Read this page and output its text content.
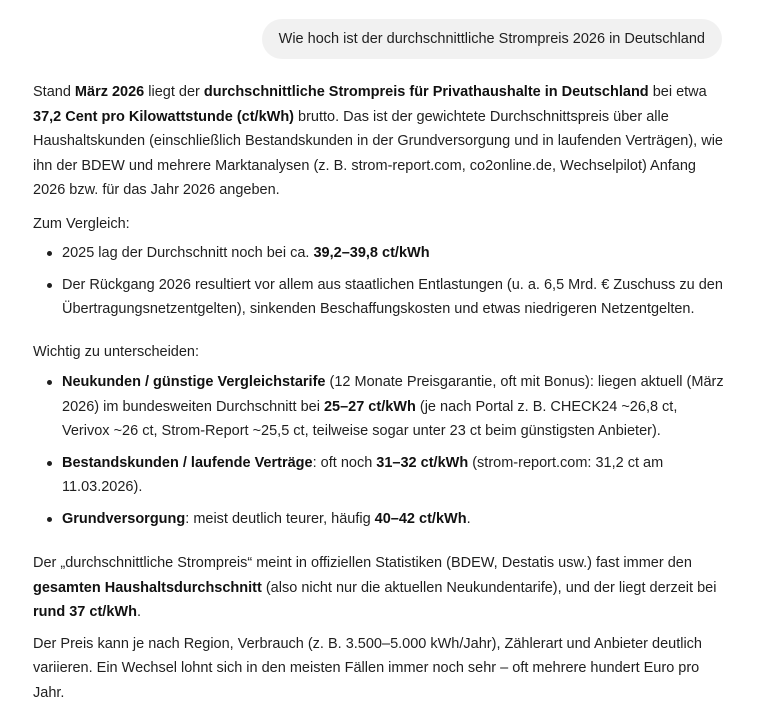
Wie hoch ist der durchschnittliche Strompreis 2026 in Deutschland

Stand März 2026 liegt der durchschnittliche Strompreis für Privathaushalte in Deutschland bei etwa 37,2 Cent pro Kilowattstunde (ct/kWh) brutto. Das ist der gewichtete Durchschnittspreis über alle Haushaltskunden (einschließlich Bestandskunden in der Grundversorgung und in laufenden Verträgen), wie ihn der BDEW und mehrere Marktanalysen (z. B. strom-report.com, co2online.de, Wechselpilot) Anfang 2026 bzw. für das Jahr 2026 angeben.

Zum Vergleich:

2025 lag der Durchschnitt noch bei ca. 39,2–39,8 ct/kWh
Der Rückgang 2026 resultiert vor allem aus staatlichen Entlastungen (u. a. 6,5 Mrd. € Zuschuss zu den Übertragungsnetzentgelten), sinkenden Beschaffungskosten und etwas niedrigeren Netzentgelten.

Wichtig zu unterscheiden:

Neukunden / günstige Vergleichstarife (12 Monate Preisgarantie, oft mit Bonus): liegen aktuell (März 2026) im bundesweiten Durchschnitt bei 25–27 ct/kWh (je nach Portal z. B. CHECK24 ~26,8 ct, Verivox ~26 ct, Strom-Report ~25,5 ct, teilweise sogar unter 23 ct beim günstigsten Anbieter).
Bestandskunden / laufende Verträge: oft noch 31–32 ct/kWh (strom-report.com: 31,2 ct am 11.03.2026).
Grundversorgung: meist deutlich teurer, häufig 40–42 ct/kWh.

Der „durchschnittliche Strompreis“ meint in offiziellen Statistiken (BDEW, Destatis usw.) fast immer den gesamten Haushaltsdurchschnitt (also nicht nur die aktuellen Neukundentarife), und der liegt derzeit bei rund 37 ct/kWh.

Der Preis kann je nach Region, Verbrauch (z. B. 3.500–5.000 kWh/Jahr), Zählerart und Anbieter deutlich variieren. Ein Wechsel lohnt sich in den meisten Fällen immer noch sehr – oft mehrere hundert Euro pro Jahr.
